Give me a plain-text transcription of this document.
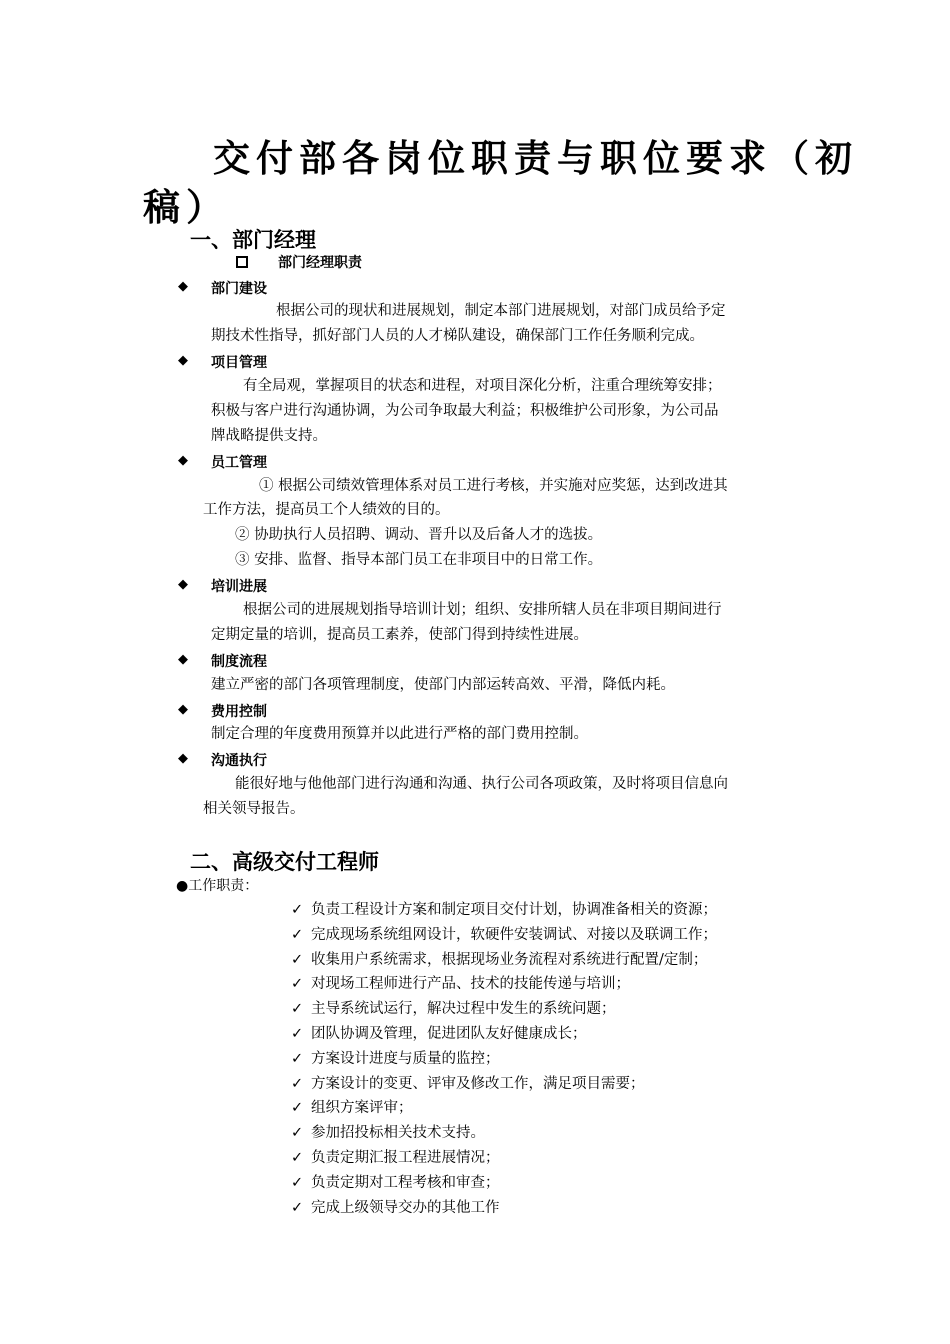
交付部各岗位职责与职位要求（初
稿）
一、部门经理
部门经理职责
◆ 部门建设
根据公司的现状和进展规划，制定本部门进展规划，对部门成员给予定
期技术性指导，抓好部门人员的人才梯队建设，确保部门工作任务顺利完成。
◆ 项目管理
有全局观，掌握项目的状态和进程，对项目深化分析，注重合理统筹安排；
积极与客户进行沟通协调，为公司争取最大利益；积极维护公司形象，为公司品
牌战略提供支持。
◆ 员工管理
① 根据公司绩效管理体系对员工进行考核，并实施对应奖惩，达到改进其
工作方法，提高员工个人绩效的目的。
② 协助执行人员招聘、调动、晋升以及后备人才的选拔。
③ 安排、监督、指导本部门员工在非项目中的日常工作。
◆ 培训进展
根据公司的进展规划指导培训计划；组织、安排所辖人员在非项目期间进行
定期定量的培训，提高员工素养，使部门得到持续性进展。
◆ 制度流程
建立严密的部门各项管理制度，使部门内部运转高效、平滑，降低内耗。
◆ 费用控制
制定合理的年度费用预算并以此进行严格的部门费用控制。
◆ 沟通执行
能很好地与他他部门进行沟通和沟通、执行公司各项政策，及时将项目信息向
相关领导报告。
二、高级交付工程师
●工作职责：
✓ 负责工程设计方案和制定项目交付计划，协调准备相关的资源；
✓ 完成现场系统组网设计，软硬件安装调试、对接以及联调工作；
✓ 收集用户系统需求，根据现场业务流程对系统进行配置/定制；
✓ 对现场工程师进行产品、技术的技能传递与培训；
✓ 主导系统试运行，解决过程中发生的系统问题；
✓ 团队协调及管理，促进团队友好健康成长；
✓ 方案设计进度与质量的监控；
✓ 方案设计的变更、评审及修改工作，满足项目需要；
✓ 组织方案评审；
✓ 参加招投标相关技术支持。
✓ 负责定期汇报工程进展情况；
✓ 负责定期对工程考核和审查；
✓ 完成上级领导交办的其他工作
